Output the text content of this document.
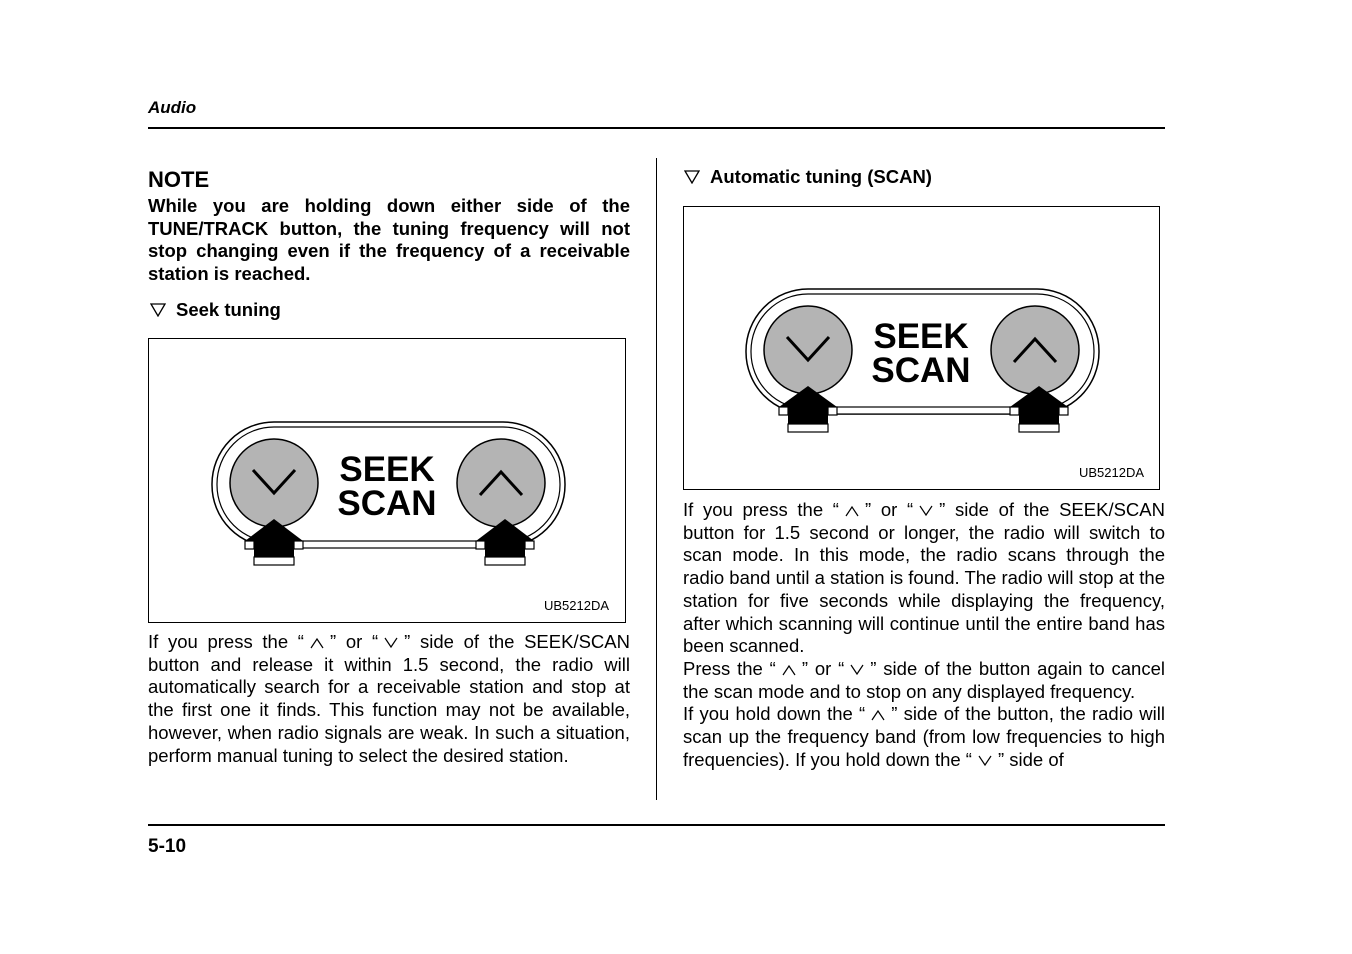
Audio
5-10
NOTE
While you are holding down either side of the TUNE/TRACK button, the tuning frequency will not stop changing even if the frequency of a receivable station is reached.
Seek tuning
SEEK
SCAN
UB5212DA

If you press the “ ” or “ ” side of the SEEK/SCAN button and release it within 1.5 second, the radio will automatically search for a receivable station and stop at the first one it finds. This function may not be available, however, when radio signals are weak. In such a situation, perform manual tuning to select the desired station.

Automatic tuning (SCAN)
SEEK
SCAN
UB5212DA

If you press the “ ” or “ ” side of the SEEK/SCAN button for 1.5 second or longer, the radio will switch to scan mode. In this mode, the radio scans through the radio band until a station is found. The radio will stop at the station for five seconds while displaying the frequency, after which scanning will continue until the entire band has been scanned.

Press the “ ” or “ ” side of the button again to cancel the scan mode and to stop on any displayed frequency.

If you hold down the “ ” side of the button, the radio will scan up the frequency band (from low frequencies to high frequencies). If you hold down the “ ” side of
